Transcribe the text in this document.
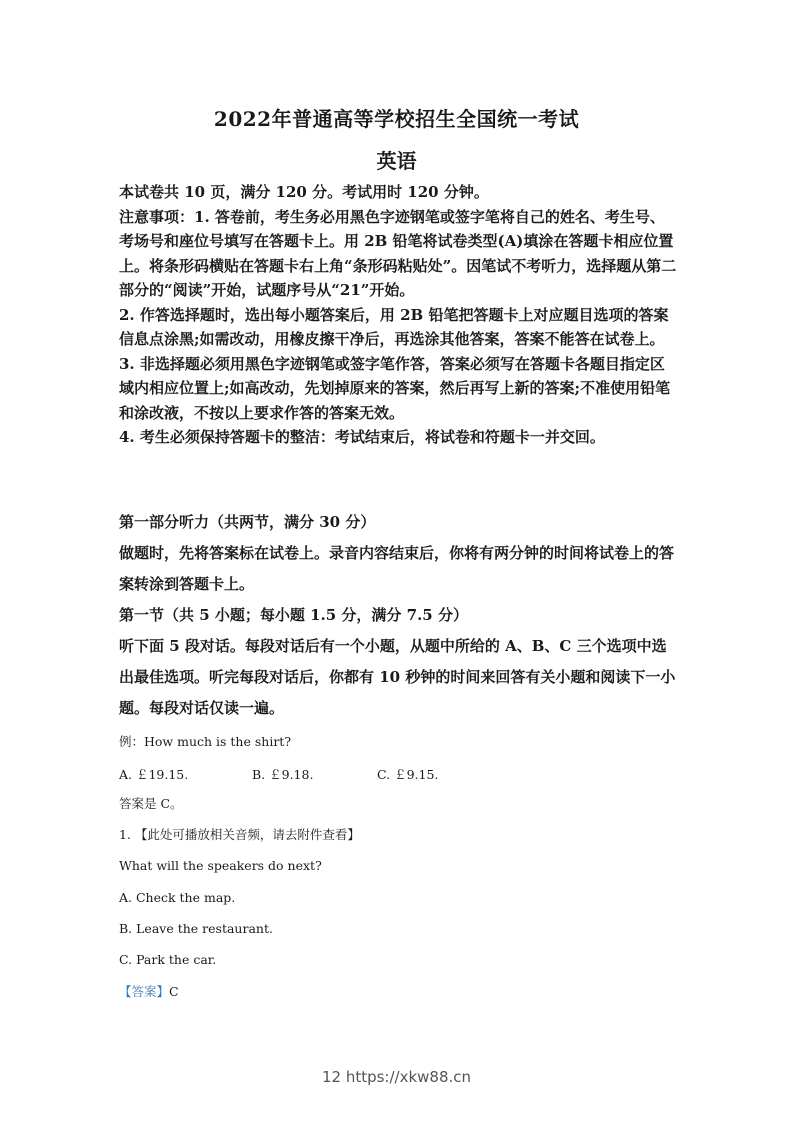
2022年普通高等学校招生全国统一考试
英语

本试卷共 10 页，满分 120 分。考试用时 120 分钟。

注意事项：1. 答卷前，考生务必用黑色字迹钢笔或签字笔将自己的姓名、考生号、考场号和座位号填写在答题卡上。用 2B 铅笔将试卷类型(A)填涂在答题卡相应位置上。将条形码横贴在答题卡右上角“条形码粘贴处”。因笔试不考听力，选择题从第二部分的“阅读”开始，试题序号从“21”开始。

2. 作答选择题时，选出每小题答案后，用 2B 铅笔把答题卡上对应题目选项的答案信息点涂黑;如需改动，用橡皮擦干净后，再选涂其他答案，答案不能答在试卷上。

3. 非选择题必须用黑色字迹钢笔或签字笔作答，答案必须写在答题卡各题目指定区域内相应位置上;如高改动，先划掉原来的答案，然后再写上新的答案;不准使用铅笔和涂改液，不按以上要求作答的答案无效。

4. 考生必须保持答题卡的整洁：考试结束后，将试卷和符题卡一并交回。

第一部分听力（共两节，满分 30 分）

做题时，先将答案标在试卷上。录音内容结束后，你将有两分钟的时间将试卷上的答案转涂到答题卡上。

第一节（共 5 小题；每小题 1.5 分，满分 7.5 分）

听下面 5 段对话。每段对话后有一个小题，从题中所给的 A、B、C 三个选项中选出最佳选项。听完每段对话后，你都有 10 秒钟的时间来回答有关小题和阅读下一小题。每段对话仅读一遍。

例：How much is the shirt?
A. ￡19.15.	B. ￡9.18.	C. ￡9.15.
答案是 C。
1. 【此处可播放相关音频，请去附件查看】
What will the speakers do next?
A. Check the map.
B. Leave the restaurant.
C. Park the car.
【答案】C
12 https://xkw88.cn
